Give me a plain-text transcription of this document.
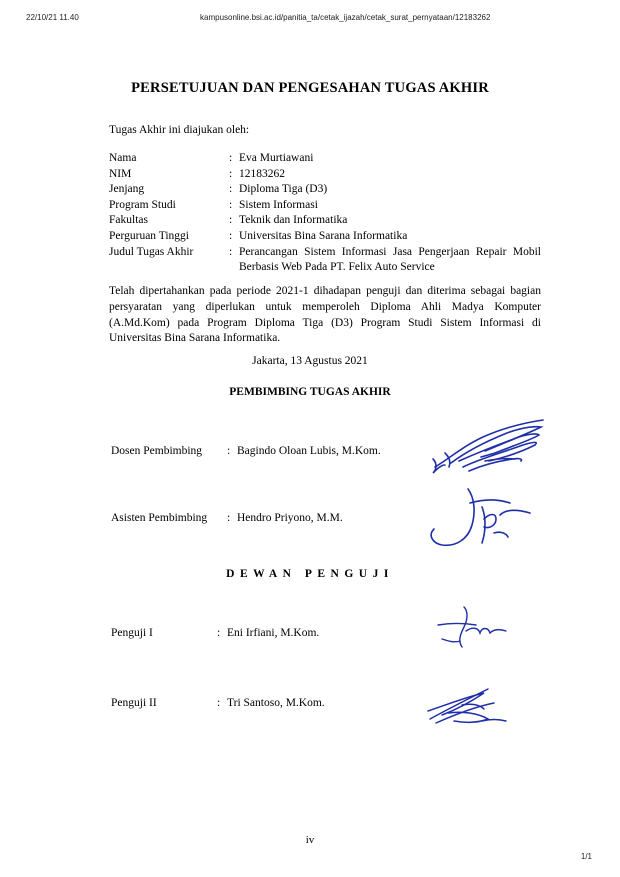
22/10/21 11.40	kampusonline.bsi.ac.id/panitia_ta/cetak_ijazah/cetak_surat_pernyataan/12183262
PERSETUJUAN DAN PENGESAHAN TUGAS AKHIR
Tugas Akhir ini diajukan oleh:
Nama	: Eva Murtiawani
NIM	: 12183262
Jenjang	: Diploma Tiga (D3)
Program Studi	: Sistem Informasi
Fakultas	: Teknik dan Informatika
Perguruan Tinggi	: Universitas Bina Sarana Informatika
Judul Tugas Akhir	: Perancangan Sistem Informasi Jasa Pengerjaan Repair Mobil Berbasis Web Pada PT. Felix Auto Service
Telah dipertahankan pada periode 2021-1 dihadapan penguji dan diterima sebagai bagian persyaratan yang diperlukan untuk memperoleh Diploma Ahli Madya Komputer (A.Md.Kom) pada Program Diploma Tiga (D3) Program Studi Sistem Informasi di Universitas Bina Sarana Informatika.
Jakarta, 13 Agustus 2021
PEMBIMBING TUGAS AKHIR
Dosen Pembimbing	: Bagindo Oloan Lubis, M.Kom.
Asisten Pembimbing	: Hendro Priyono, M.M.
DEWAN PENGUJI
Penguji I	: Eni Irfiani, M.Kom.
Penguji II	: Tri Santoso, M.Kom.
iv
1/1
